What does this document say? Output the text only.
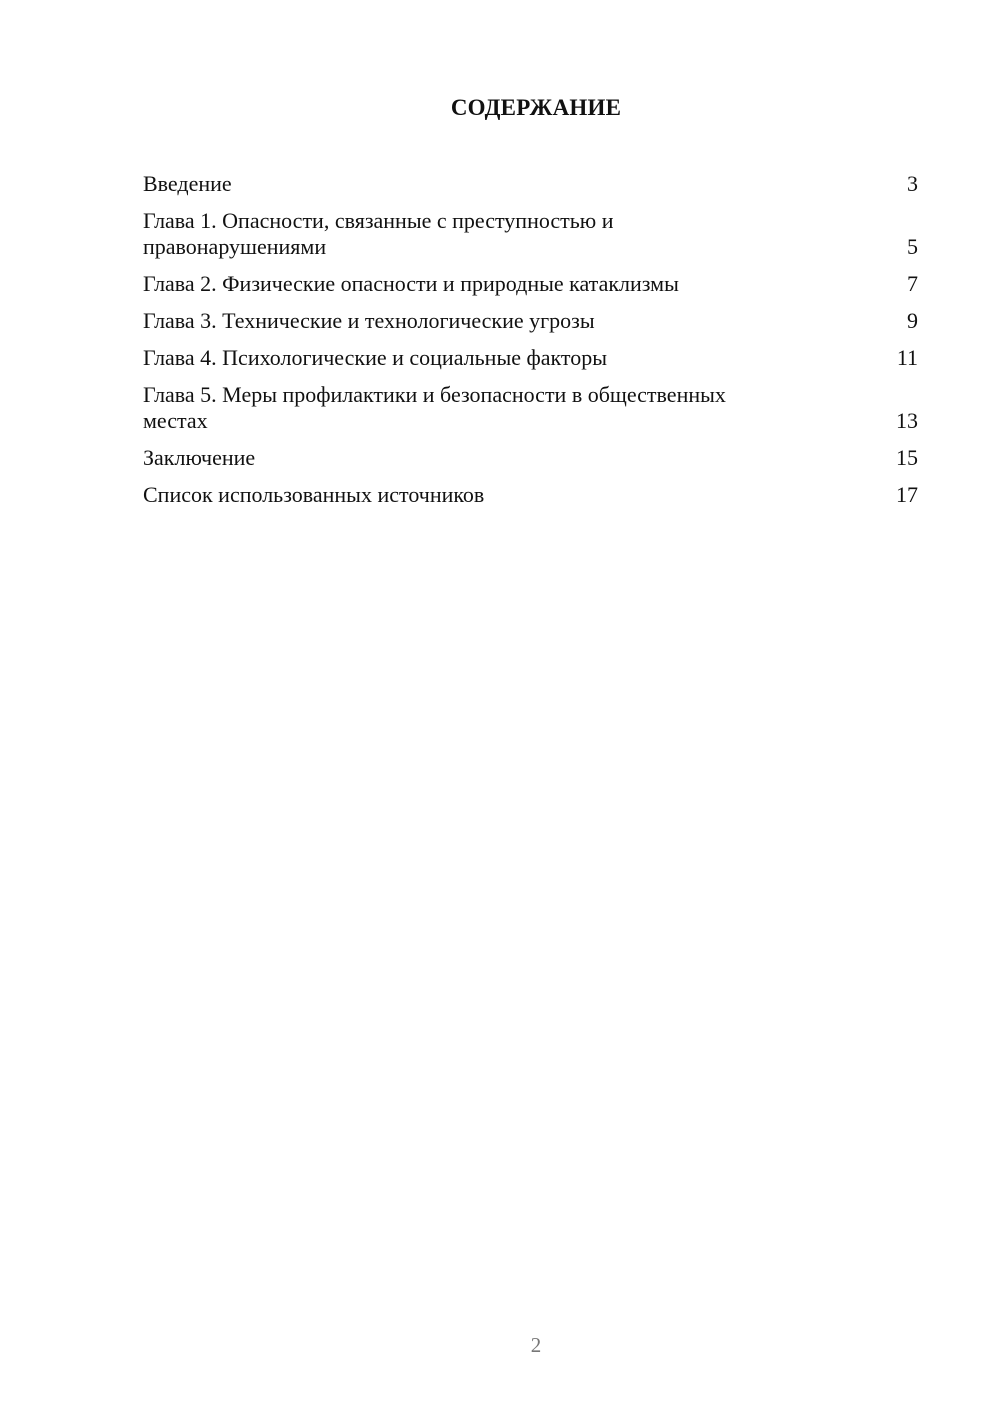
СОДЕРЖАНИЕ
Введение	3
Глава 1. Опасности, связанные с преступностью и
правонарушениями	5
Глава 2. Физические опасности и природные катаклизмы	7
Глава 3. Технические и технологические угрозы	9
Глава 4. Психологические и социальные факторы	11
Глава 5. Меры профилактики и безопасности в общественных
местах	13
Заключение	15
Список использованных источников	17
2
